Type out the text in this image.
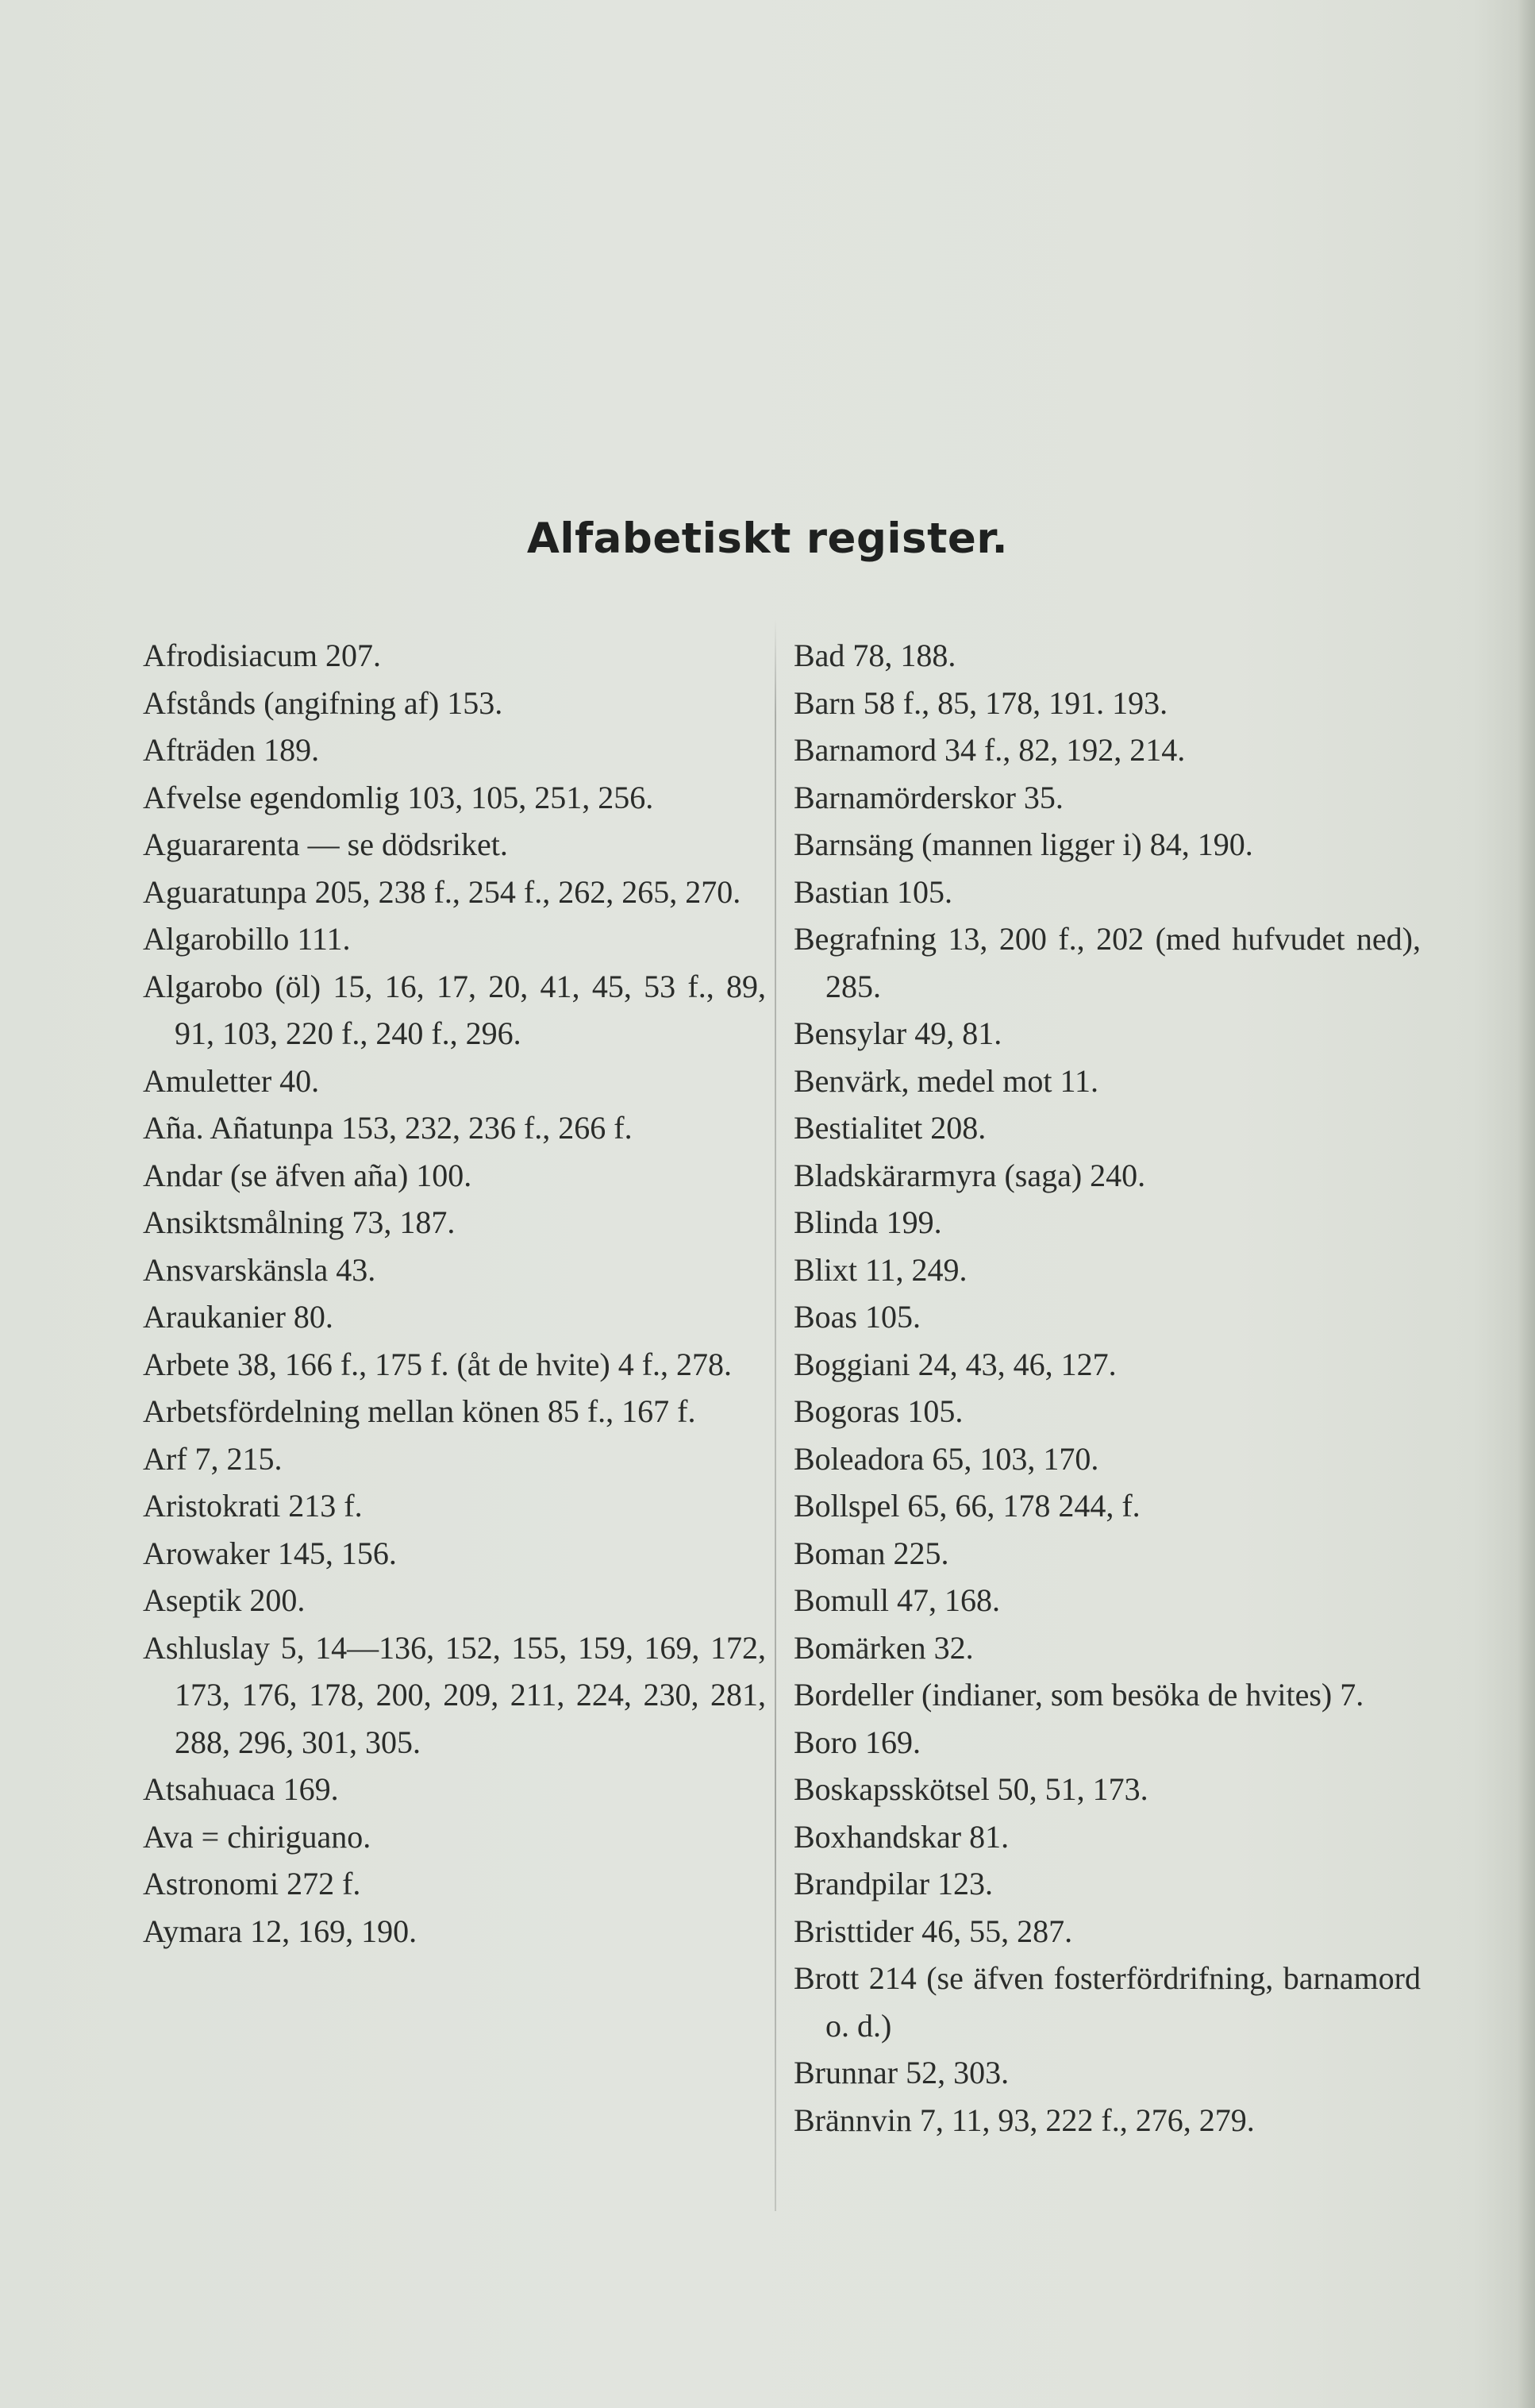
Alfabetiskt register.

Afrodisiacum 207.

Afstånds (angifning af) 153.

Afträden 189.

Afvelse egendomlig 103, 105, 251, 256.

Aguararenta — se dödsriket.

Aguaratunpa 205, 238 f., 254 f., 262, 265, 270.

Algarobillo 111.

Algarobo (öl) 15, 16, 17, 20, 41, 45, 53 f., 89, 91, 103, 220 f., 240 f., 296.

Amuletter 40.

Aña. Añatunpa 153, 232, 236 f., 266 f.

Andar (se äfven aña) 100.

Ansiktsmålning 73, 187.

Ansvarskänsla 43.

Araukanier 80.

Arbete 38, 166 f., 175 f. (åt de hvite) 4 f., 278.

Arbetsfördelning mellan könen 85 f., 167 f.

Arf 7, 215.

Aristokrati 213 f.

Arowaker 145, 156.

Aseptik 200.

Ashluslay 5, 14—136, 152, 155, 159, 169, 172, 173, 176, 178, 200, 209, 211, 224, 230, 281, 288, 296, 301, 305.

Atsahuaca 169.

Ava = chiriguano.

Astronomi 272 f.

Aymara 12, 169, 190.

Bad 78, 188.

Barn 58 f., 85, 178, 191. 193.

Barnamord 34 f., 82, 192, 214.

Barnamörderskor 35.

Barnsäng (mannen ligger i) 84, 190.

Bastian 105.

Begrafning 13, 200 f., 202 (med hufvudet ned), 285.

Bensylar 49, 81.

Benvärk, medel mot 11.

Bestialitet 208.

Bladskärarmyra (saga) 240.

Blinda 199.

Blixt 11, 249.

Boas 105.

Boggiani 24, 43, 46, 127.

Bogoras 105.

Boleadora 65, 103, 170.

Bollspel 65, 66, 178 244, f.

Boman 225.

Bomull 47, 168.

Bomärken 32.

Bordeller (indianer, som besöka de hvites) 7.

Boro 169.

Boskapsskötsel 50, 51, 173.

Boxhandskar 81.

Brandpilar 123.

Bristtider 46, 55, 287.

Brott 214 (se äfven fosterfördrifning, barnamord o. d.)

Brunnar 52, 303.

Brännvin 7, 11, 93, 222 f., 276, 279.
